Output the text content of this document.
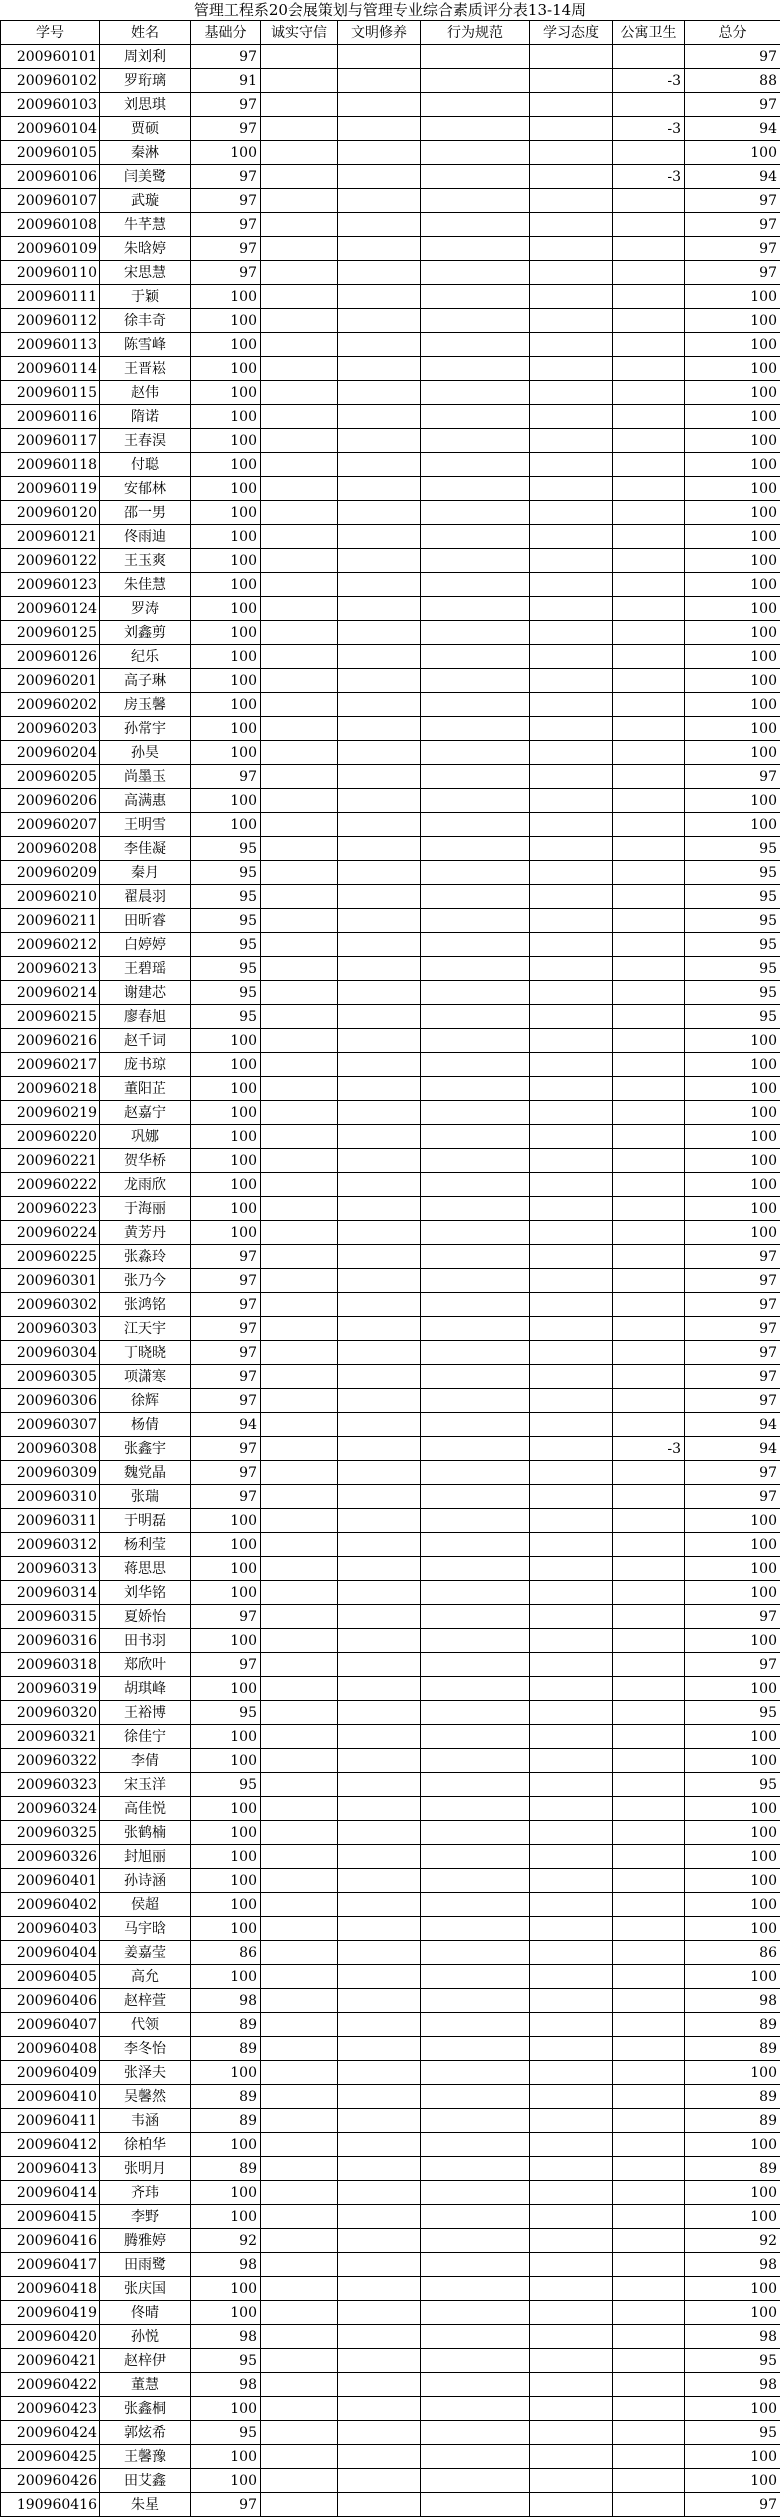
管理工程系20会展策划与管理专业综合素质评分表13-14周
学号	姓名	基础分	诚实守信	文明修养	行为规范	学习态度	公寓卫生	总分
200960101	周刘利	97						97
200960102	罗珩璃	91					-3	88
200960103	刘思琪	97						97
200960104	贾硕	97					-3	94
200960105	秦淋	100						100
200960106	闫美鹭	97					-3	94
200960107	武璇	97						97
200960108	牛芊慧	97						97
200960109	朱晗婷	97						97
200960110	宋思慧	97						97
200960111	于颖	100						100
200960112	徐丰奇	100						100
200960113	陈雪峰	100						100
200960114	王晋崧	100						100
200960115	赵伟	100						100
200960116	隋诺	100						100
200960117	王春淏	100						100
200960118	付聪	100						100
200960119	安郁林	100						100
200960120	邵一男	100						100
200960121	佟雨迪	100						100
200960122	王玉爽	100						100
200960123	朱佳慧	100						100
200960124	罗涛	100						100
200960125	刘鑫剪	100						100
200960126	纪乐	100						100
200960201	高子琳	100						100
200960202	房玉馨	100						100
200960203	孙常宇	100						100
200960204	孙昊	100						100
200960205	尚墨玉	97						97
200960206	高满惠	100						100
200960207	王明雪	100						100
200960208	李佳凝	95						95
200960209	秦月	95						95
200960210	翟晨羽	95						95
200960211	田昕睿	95						95
200960212	白婷婷	95						95
200960213	王碧瑶	95						95
200960214	谢建芯	95						95
200960215	廖春旭	95						95
200960216	赵千词	100						100
200960217	庞书琼	100						100
200960218	董阳芷	100						100
200960219	赵嘉宁	100						100
200960220	巩娜	100						100
200960221	贺华桥	100						100
200960222	龙雨欣	100						100
200960223	于海丽	100						100
200960224	黄芳丹	100						100
200960225	张淼玲	97						97
200960301	张乃今	97						97
200960302	张鸿铭	97						97
200960303	江天宇	97						97
200960304	丁晓晓	97						97
200960305	项潇寒	97						97
200960306	徐辉	97						97
200960307	杨倩	94						94
200960308	张鑫宇	97					-3	94
200960309	魏党晶	97						97
200960310	张瑞	97						97
200960311	于明磊	100						100
200960312	杨利莹	100						100
200960313	蒋思思	100						100
200960314	刘华铭	100						100
200960315	夏娇怡	97						97
200960316	田书羽	100						100
200960318	郑欣叶	97						97
200960319	胡琪峰	100						100
200960320	王裕博	95						95
200960321	徐佳宁	100						100
200960322	李倩	100						100
200960323	宋玉洋	95						95
200960324	高佳悦	100						100
200960325	张鹤楠	100						100
200960326	封旭丽	100						100
200960401	孙诗涵	100						100
200960402	侯超	100						100
200960403	马宇晗	100						100
200960404	姜嘉莹	86						86
200960405	高允	100						100
200960406	赵梓萱	98						98
200960407	代领	89						89
200960408	李冬怡	89						89
200960409	张泽夫	100						100
200960410	吴馨然	89						89
200960411	韦涵	89						89
200960412	徐柏华	100						100
200960413	张明月	89						89
200960414	齐玮	100						100
200960415	李野	100						100
200960416	腾雅婷	92						92
200960417	田雨鹭	98						98
200960418	张庆国	100						100
200960419	佟晴	100						100
200960420	孙悦	98						98
200960421	赵梓伊	95						95
200960422	董慧	98						98
200960423	张鑫桐	100						100
200960424	郭炫希	95						95
200960425	王馨豫	100						100
200960426	田艾鑫	100						100
190960416	朱星	97						97
